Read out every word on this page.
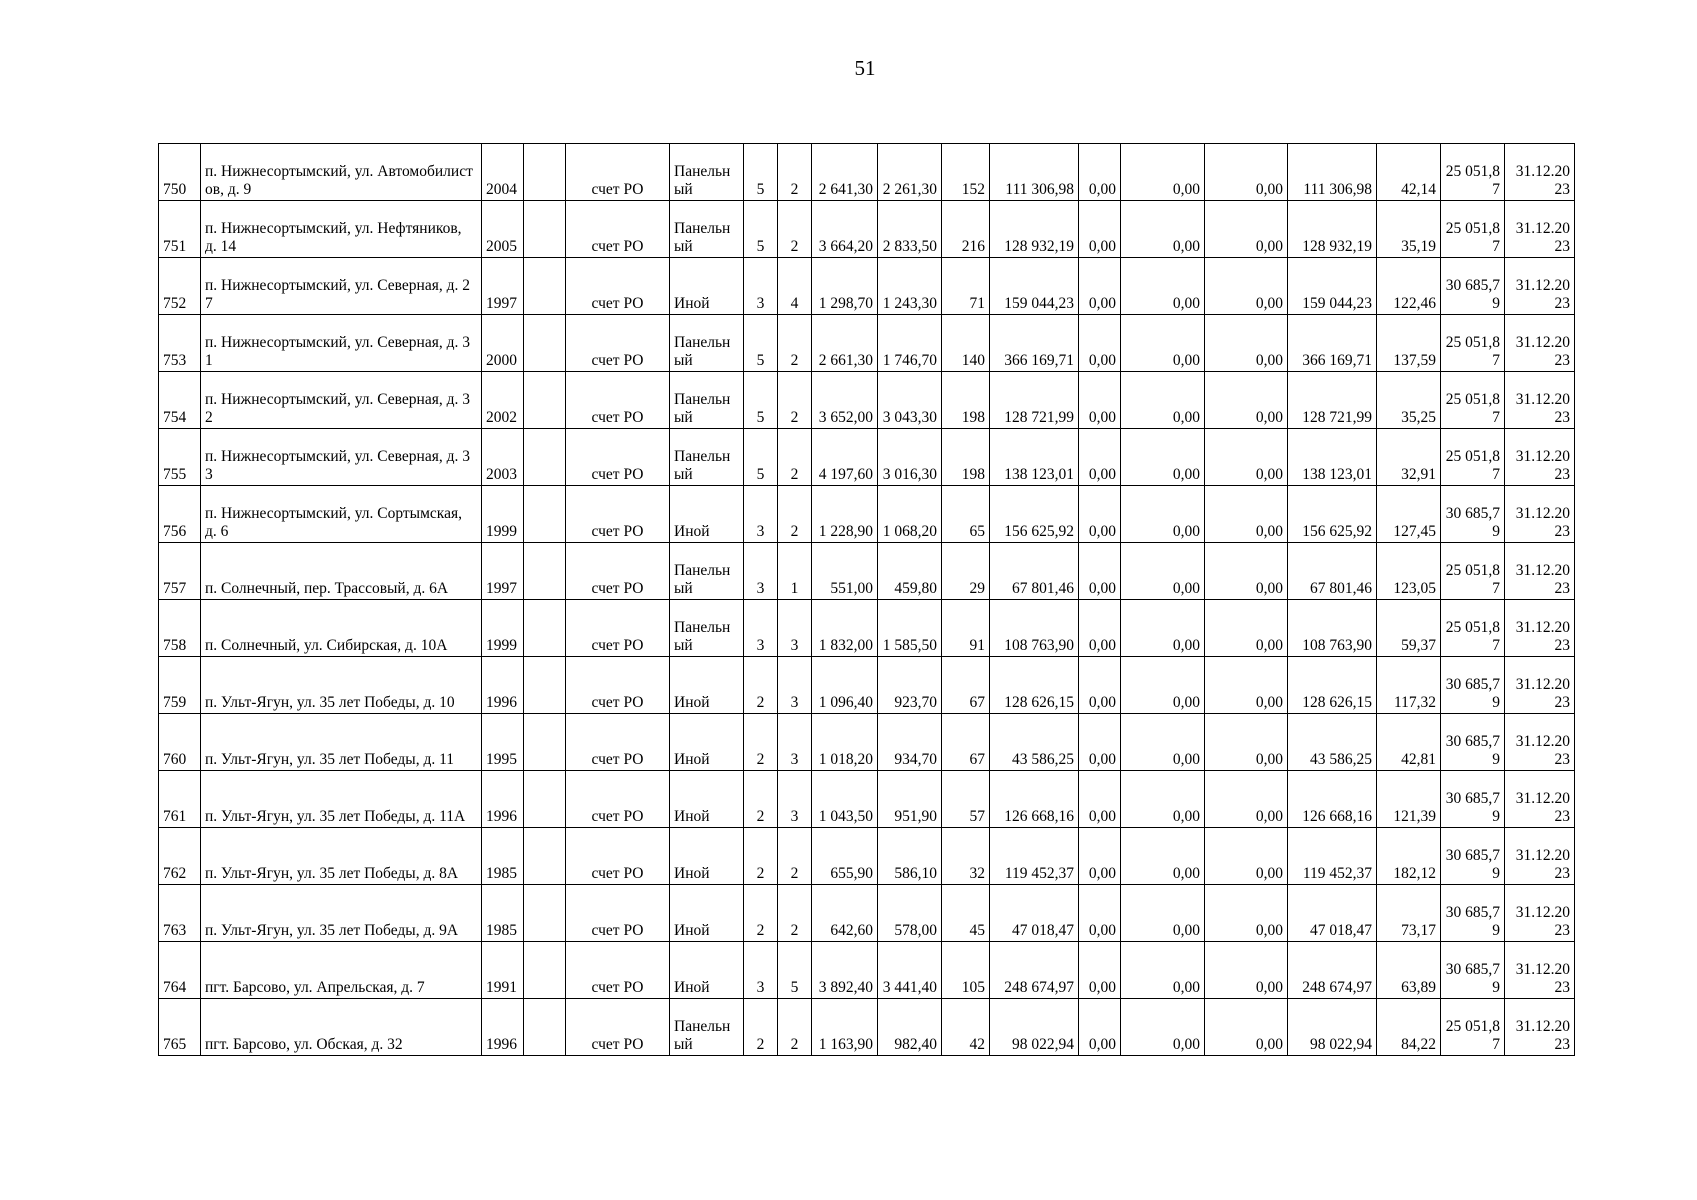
51
750	п. Нижнесортымский, ул. Автомобилистов, д. 9	2004		счет РО	Панельный	5	2	2 641,30	2 261,30	152	111 306,98	0,00	0,00	0,00	111 306,98	42,14	25 051,87	31.12.2023
751	п. Нижнесортымский, ул. Нефтяников, д. 14	2005		счет РО	Панельный	5	2	3 664,20	2 833,50	216	128 932,19	0,00	0,00	0,00	128 932,19	35,19	25 051,87	31.12.2023
752	п. Нижнесортымский, ул. Северная, д. 27	1997		счет РО	Иной	3	4	1 298,70	1 243,30	71	159 044,23	0,00	0,00	0,00	159 044,23	122,46	30 685,79	31.12.2023
753	п. Нижнесортымский, ул. Северная, д. 31	2000		счет РО	Панельный	5	2	2 661,30	1 746,70	140	366 169,71	0,00	0,00	0,00	366 169,71	137,59	25 051,87	31.12.2023
754	п. Нижнесортымский, ул. Северная, д. 32	2002		счет РО	Панельный	5	2	3 652,00	3 043,30	198	128 721,99	0,00	0,00	0,00	128 721,99	35,25	25 051,87	31.12.2023
755	п. Нижнесортымский, ул. Северная, д. 33	2003		счет РО	Панельный	5	2	4 197,60	3 016,30	198	138 123,01	0,00	0,00	0,00	138 123,01	32,91	25 051,87	31.12.2023
756	п. Нижнесортымский, ул. Сортымская, д. 6	1999		счет РО	Иной	3	2	1 228,90	1 068,20	65	156 625,92	0,00	0,00	0,00	156 625,92	127,45	30 685,79	31.12.2023
757	п. Солнечный, пер. Трассовый, д. 6А	1997		счет РО	Панельный	3	1	551,00	459,80	29	67 801,46	0,00	0,00	0,00	67 801,46	123,05	25 051,87	31.12.2023
758	п. Солнечный, ул. Сибирская, д. 10А	1999		счет РО	Панельный	3	3	1 832,00	1 585,50	91	108 763,90	0,00	0,00	0,00	108 763,90	59,37	25 051,87	31.12.2023
759	п. Ульт-Ягун, ул. 35 лет Победы, д. 10	1996		счет РО	Иной	2	3	1 096,40	923,70	67	128 626,15	0,00	0,00	0,00	128 626,15	117,32	30 685,79	31.12.2023
760	п. Ульт-Ягун, ул. 35 лет Победы, д. 11	1995		счет РО	Иной	2	3	1 018,20	934,70	67	43 586,25	0,00	0,00	0,00	43 586,25	42,81	30 685,79	31.12.2023
761	п. Ульт-Ягун, ул. 35 лет Победы, д. 11А	1996		счет РО	Иной	2	3	1 043,50	951,90	57	126 668,16	0,00	0,00	0,00	126 668,16	121,39	30 685,79	31.12.2023
762	п. Ульт-Ягун, ул. 35 лет Победы, д. 8А	1985		счет РО	Иной	2	2	655,90	586,10	32	119 452,37	0,00	0,00	0,00	119 452,37	182,12	30 685,79	31.12.2023
763	п. Ульт-Ягун, ул. 35 лет Победы, д. 9А	1985		счет РО	Иной	2	2	642,60	578,00	45	47 018,47	0,00	0,00	0,00	47 018,47	73,17	30 685,79	31.12.2023
764	пгт. Барсово, ул. Апрельская, д. 7	1991		счет РО	Иной	3	5	3 892,40	3 441,40	105	248 674,97	0,00	0,00	0,00	248 674,97	63,89	30 685,79	31.12.2023
765	пгт. Барсово, ул. Обская, д. 32	1996		счет РО	Панельный	2	2	1 163,90	982,40	42	98 022,94	0,00	0,00	0,00	98 022,94	84,22	25 051,87	31.12.2023
